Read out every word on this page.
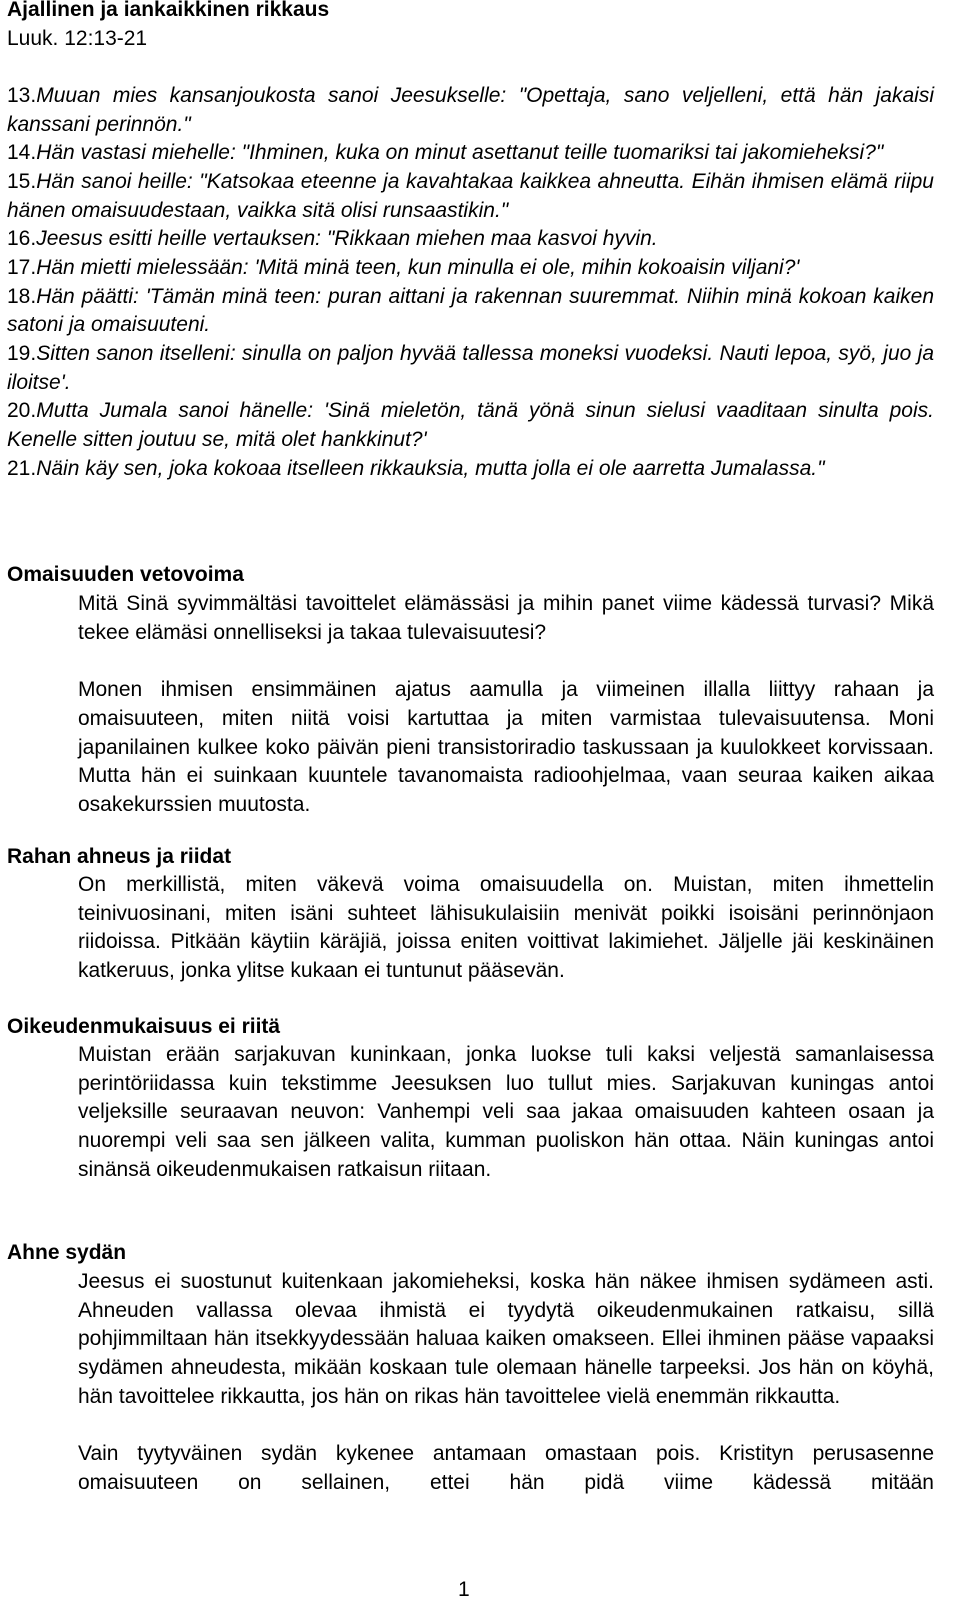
Ajallinen ja iankaikkinen rikkaus
Luuk. 12:13-21

13.Muuan mies kansanjoukosta sanoi Jeesukselle: "Opettaja, sano veljelleni, että hän jakaisi kanssani perinnön."

14.Hän vastasi miehelle: "Ihminen, kuka on minut asettanut teille tuomariksi tai jakomieheksi?"

15.Hän sanoi heille: "Katsokaa eteenne ja kavahtakaa kaikkea ahneutta. Eihän ihmisen elämä riipu hänen omaisuudestaan, vaikka sitä olisi runsaastikin."

16.Jeesus esitti heille vertauksen: "Rikkaan miehen maa kasvoi hyvin.

17.Hän mietti mielessään: 'Mitä minä teen, kun minulla ei ole, mihin kokoaisin viljani?'

18.Hän päätti: 'Tämän minä teen: puran aittani ja rakennan suuremmat. Niihin minä kokoan kaiken satoni ja omaisuuteni.

19.Sitten sanon itselleni: sinulla on paljon hyvää tallessa moneksi vuodeksi. Nauti lepoa, syö, juo ja iloitse'.

20.Mutta Jumala sanoi hänelle: 'Sinä mieletön, tänä yönä sinun sielusi vaaditaan sinulta pois. Kenelle sitten joutuu se, mitä olet hankkinut?'

21.Näin käy sen, joka kokoaa itselleen rikkauksia, mutta jolla ei ole aarretta Jumalassa."

Omaisuuden vetovoima

Mitä Sinä syvimmältäsi tavoittelet elämässäsi ja mihin panet viime kädessä turvasi? Mikä tekee elämäsi onnelliseksi ja takaa tulevaisuutesi?

Monen ihmisen ensimmäinen ajatus aamulla ja viimeinen illalla liittyy rahaan ja omaisuuteen, miten niitä voisi kartuttaa ja miten varmistaa tulevaisuutensa. Moni japanilainen kulkee koko päivän pieni transistoriradio taskussaan ja kuulokkeet korvissaan. Mutta hän ei suinkaan kuuntele tavanomaista radioohjelmaa, vaan seuraa kaiken aikaa osakekurssien muutosta.

Rahan ahneus ja riidat

On merkillistä, miten väkevä voima omaisuudella on. Muistan, miten ihmettelin teinivuosinani, miten isäni suhteet lähisukulaisiin menivät poikki isoisäni perinnönjaon riidoissa. Pitkään käytiin käräjiä, joissa eniten voittivat lakimiehet. Jäljelle jäi keskinäinen katkeruus, jonka ylitse kukaan ei tuntunut pääsevän.

Oikeudenmukaisuus ei riitä

Muistan erään sarjakuvan kuninkaan, jonka luokse tuli kaksi veljestä samanlaisessa perintöriidassa kuin tekstimme Jeesuksen luo tullut mies. Sarjakuvan kuningas antoi veljeksille seuraavan neuvon: Vanhempi veli saa jakaa omaisuuden kahteen osaan ja nuorempi veli saa sen jälkeen valita, kumman puoliskon hän ottaa. Näin kuningas antoi sinänsä oikeudenmukaisen ratkaisun riitaan.

Ahne sydän

Jeesus ei suostunut kuitenkaan jakomieheksi, koska hän näkee ihmisen sydämeen asti. Ahneuden vallassa olevaa ihmistä ei tyydytä oikeudenmukainen ratkaisu, sillä pohjimmiltaan hän itsekkyydessään haluaa kaiken omakseen. Ellei ihminen pääse vapaaksi sydämen ahneudesta, mikään koskaan tule olemaan hänelle tarpeeksi. Jos hän on köyhä, hän tavoittelee rikkautta, jos hän on rikas hän tavoittelee vielä enemmän rikkautta.

Vain tyytyväinen sydän kykenee antamaan omastaan pois. Kristityn perusasenne omaisuuteen on sellainen, ettei hän pidä viime kädessä mitään

1
